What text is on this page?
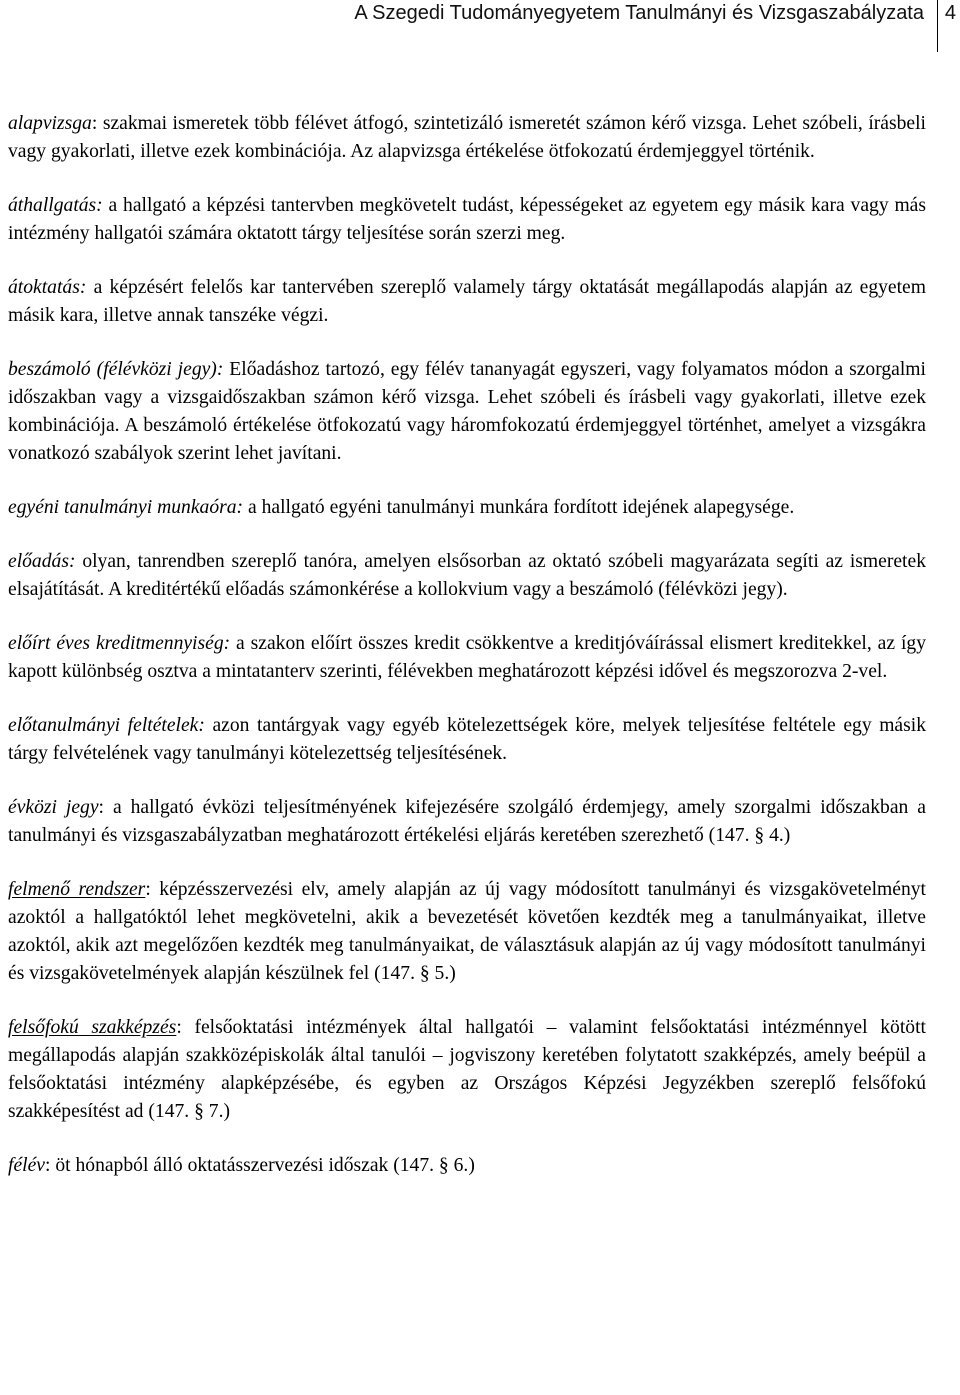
A Szegedi Tudományegyetem Tanulmányi és Vizsgaszabályzata 4

alapvizsga: szakmai ismeretek több félévet átfogó, szintetizáló ismeretét számon kérő vizsga. Lehet szóbeli, írásbeli vagy gyakorlati, illetve ezek kombinációja. Az alapvizsga értékelése ötfokozatú érdemjeggyel történik.

áthallgatás: a hallgató a képzési tantervben megkövetelt tudást, képességeket az egyetem egy másik kara vagy más intézmény hallgatói számára oktatott tárgy teljesítése során szerzi meg.

átoktatás: a képzésért felelős kar tantervében szereplő valamely tárgy oktatását megállapodás alapján az egyetem másik kara, illetve annak tanszéke végzi.

beszámoló (félévközi jegy): Előadáshoz tartozó, egy félév tananyagát egyszeri, vagy folyamatos módon a szorgalmi időszakban vagy a vizsgaidőszakban számon kérő vizsga. Lehet szóbeli és írásbeli vagy gyakorlati, illetve ezek kombinációja. A beszámoló értékelése ötfokozatú vagy háromfokozatú érdemjeggyel történhet, amelyet a vizsgákra vonatkozó szabályok szerint lehet javítani.

egyéni tanulmányi munkaóra: a hallgató egyéni tanulmányi munkára fordított idejének alapegysége.

előadás: olyan, tanrendben szereplő tanóra, amelyen elsősorban az oktató szóbeli magyarázata segíti az ismeretek elsajátítását. A kreditértékű előadás számonkérése a kollokvium vagy a beszámoló (félévközi jegy).

előírt éves kreditmennyiség: a szakon előírt összes kredit csökkentve a kreditjóváírással elismert kreditekkel, az így kapott különbség osztva a mintatanterv szerinti, félévekben meghatározott képzési idővel és megszorozva 2-vel.

előtanulmányi feltételek: azon tantárgyak vagy egyéb kötelezettségek köre, melyek teljesítése feltétele egy másik tárgy felvételének vagy tanulmányi kötelezettség teljesítésének.

évközi jegy: a hallgató évközi teljesítményének kifejezésére szolgáló érdemjegy, amely szorgalmi időszakban a tanulmányi és vizsgaszabályzatban meghatározott értékelési eljárás keretében szerezhető (147. § 4.)

felmenő rendszer: képzésszervezési elv, amely alapján az új vagy módosított tanulmányi és vizsgakövetelményt azoktól a hallgatóktól lehet megkövetelni, akik a bevezetését követően kezdték meg a tanulmányaikat, illetve azoktól, akik azt megelőzően kezdték meg tanulmányaikat, de választásuk alapján az új vagy módosított tanulmányi és vizsgakövetelmények alapján készülnek fel (147. § 5.)

felsőfokú szakképzés: felsőoktatási intézmények által hallgatói – valamint felsőoktatási intézménnyel kötött megállapodás alapján szakközépiskolák által tanulói – jogviszony keretében folytatott szakképzés, amely beépül a felsőoktatási intézmény alapképzésébe, és egyben az Országos Képzési Jegyzékben szereplő felsőfokú szakképesítést ad (147. § 7.)

félév: öt hónapból álló oktatásszervezési időszak (147. § 6.)
